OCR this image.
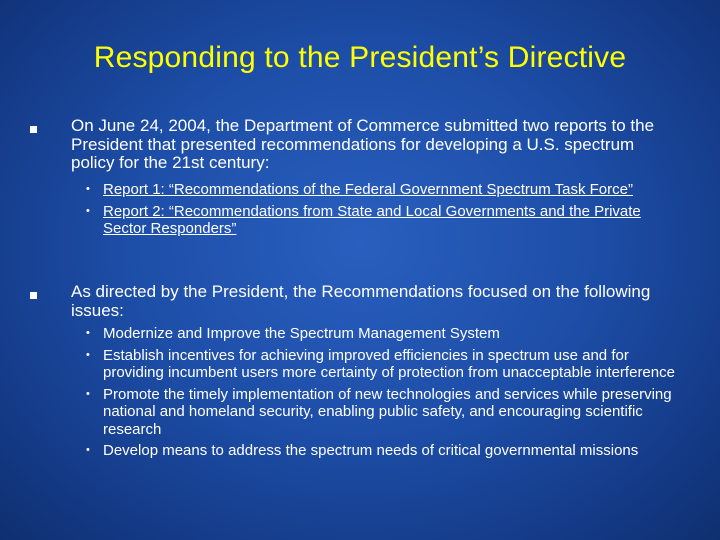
Responding to the President’s Directive
On June 24, 2004, the Department of Commerce submitted two reports to the President that presented recommendations for developing a U.S. spectrum policy for the 21st century:
• Report 1: “Recommendations of the Federal Government Spectrum Task Force”
• Report 2: “Recommendations from State and Local Governments and the Private Sector Responders”
As directed by the President, the Recommendations focused on the following issues:
• Modernize and Improve the Spectrum Management System
• Establish incentives for achieving improved efficiencies in spectrum use and for providing incumbent users more certainty of protection from unacceptable interference
• Promote the timely implementation of new technologies and services while preserving national and homeland security, enabling public safety, and encouraging scientific research
• Develop means to address the spectrum needs of critical governmental missions
